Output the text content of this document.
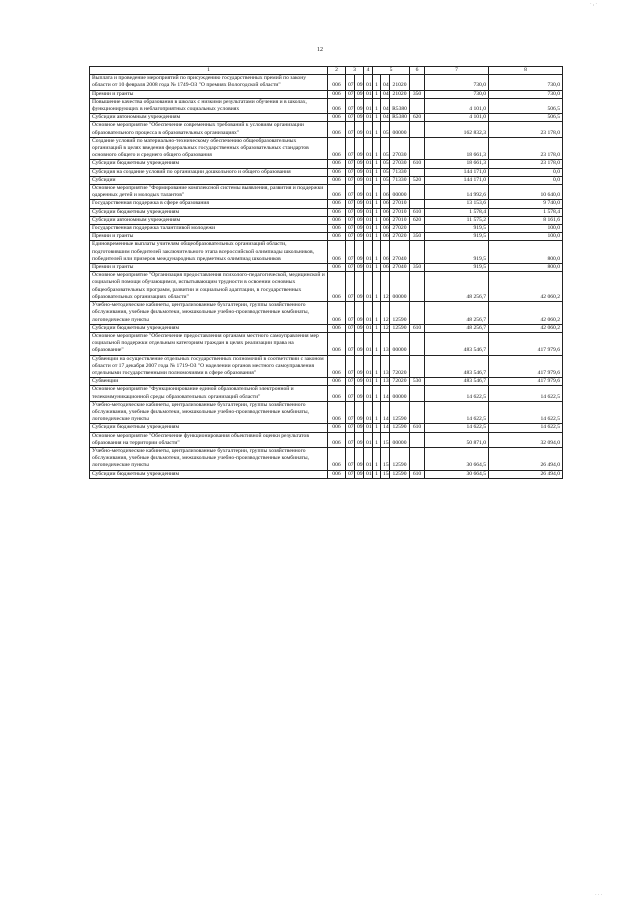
· , ·
· · ·
12
1	2	3		4	5			6	7	8
Выплата и проведение мероприятий по присуждению государственных премий по закону области от 10 февраля 2008 года № 1749-ОЗ "О премиях Вологодской области"	006	07	09	01	1	04	21020		730,0	730,0
Премии и гранты	006	07	09	01	1	04	21020	350	730,0	730,0
Повышение качества образования в школах с низкими результатами обучения и в школах, функционирующих в неблагоприятных социальных условиях	006	07	09	01	1	04	R5380		4 101,0	506,5
Субсидии автономным учреждениям	006	07	09	01	1	04	R5380	620	4 101,0	506,5
Основное мероприятие "Обеспечение современных требований к условиям организации образовательного процесса в образовательных организациях"	006	07	09	01	1	05	00000		162 832,3	23 178,0
Создание условий по материально-техническому обеспечению общеобразовательных организаций в целях введения федеральных государственных образовательных стандартов основного общего и среднего общего образования	006	07	09	01	1	05	27030		18 661,3	23 178,0
Субсидии бюджетным учреждениям	006	07	09	01	1	05	27030	610	18 661,3	23 178,0
Субсидия на создание условий по организации дошкольного и общего образования	006	07	09	01	1	05	71330		144 171,0	0,0
Субсидии	006	07	09	01	1	05	71330	520	144 171,0	0,0
Основное мероприятие "Формирование комплексной системы выявления, развития и поддержки одаренных детей и молодых талантов"	006	07	09	01	1	06	00000		14 992,6	10 640,0
Государственная поддержка в сфере образования	006	07	09	01	1	06	27010		13 153,6	9 740,0
Субсидии бюджетным учреждениям	006	07	09	01	1	06	27010	610	1 578,4	1 578,4
Субсидии автономным учреждениям	006	07	09	01	1	06	27010	620	11 575,2	8 161,6
Государственная поддержка талантливой молодежи	006	07	09	01	1	06	27020		919,5	100,0
Премии и гранты	006	07	09	01	1	06	27020	350	919,5	100,0
Единовременные выплаты учителям общеобразовательных организаций области, подготовившим победителей заключительного этапа всероссийской олимпиады школьников, победителей или призеров международных предметных олимпиад школьников	006	07	09	01	1	06	27040		919,5	800,0
Премии и гранты	006	07	09	01	1	06	27040	350	919,5	800,0
Основное мероприятие "Организация предоставления психолого-педагогической, медицинской и социальной помощи обучающимся, испытывающим трудности в освоении основных общеобразовательных программ, развитии и социальной адаптации, в государственных образовательных организациях области"	006	07	09	01	1	12	00000		48 256,7	42 060,2
Учебно-методические кабинеты, централизованные бухгалтерии, группы хозяйственного обслуживания, учебные фильмотеки, межшкольные учебно-производственные комбинаты, логопедические пункты	006	07	09	01	1	12	12590		48 256,7	42 060,2
Субсидии бюджетным учреждениям	006	07	09	01	1	12	12590	610	48 256,7	42 060,2
Основное мероприятие "Обеспечение предоставления органами местного самоуправления мер социальной поддержки отдельным категориям граждан в целях реализации права на образование"	006	07	09	01	1	13	00000		483 546,7	417 979,6
Субвенции на осуществление отдельных государственных полномочий в соответствии с законом области от 17 декабря 2007 года № 1719-ОЗ "О наделении органов местного самоуправления отдельными государственными полномочиями в сфере образования"	006	07	09	01	1	13	72020		483 546,7	417 979,6
Субвенции	006	07	09	01	1	13	72020	530	483 546,7	417 979,6
Основное мероприятие "Функционирование единой образовательной электронной и телекоммуникационной среды образовательных организаций области"	006	07	09	01	1	14	00000		14 622,5	14 622,5
Учебно-методические кабинеты, централизованные бухгалтерии, группы хозяйственного обслуживания, учебные фильмотеки, межшкольные учебно-производственные комбинаты, логопедические пункты	006	07	09	01	1	14	12590		14 622,5	14 622,5
Субсидии бюджетным учреждениям	006	07	09	01	1	14	12590	610	14 622,5	14 622,5
Основное мероприятие "Обеспечение функционирования объективной оценки результатов образования на территории области"	006	07	09	01	1	15	00000		50 871,0	32 094,0
Учебно-методические кабинеты, централизованные бухгалтерии, группы хозяйственного обслуживания, учебные фильмотеки, межшкольные учебно-производственные комбинаты, логопедические пункты	006	07	09	01	1	15	12590		30 664,5	26 494,0
Субсидии бюджетным учреждениям	006	07	09	01	1	15	12590	610	30 664,5	26 494,0
